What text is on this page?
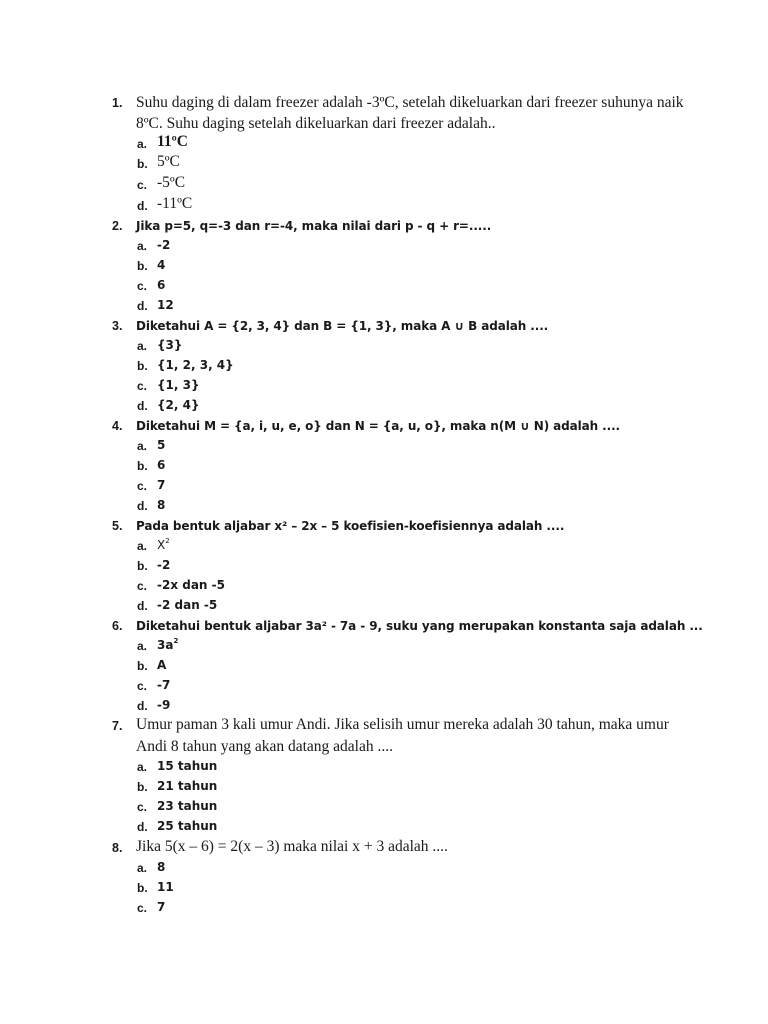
1. Suhu daging di dalam freezer adalah -3ºC, setelah dikeluarkan dari freezer suhunya naik
8ºC. Suhu daging setelah dikeluarkan dari freezer adalah..
a. 11ºC
b. 5ºC
c. -5ºC
d. -11ºC
2. Jika p=5, q=-3 dan r=-4, maka nilai dari p - q + r=.....
a. -2
b. 4
c. 6
d. 12
3. Diketahui A = {2, 3, 4} dan B = {1, 3}, maka A ∪ B adalah ....
a. {3}
b. {1, 2, 3, 4}
c. {1, 3}
d. {2, 4}
4. Diketahui M = {a, i, u, e, o} dan N = {a, u, o}, maka n(M ∪ N) adalah ....
a. 5
b. 6
c. 7
d. 8
5. Pada bentuk aljabar x² – 2x – 5 koefisien-koefisiennya adalah ....
a. $X^2$
b. -2
c. -2x dan -5
d. -2 dan -5
6. Diketahui bentuk aljabar 3a² - 7a - 9, suku yang merupakan konstanta saja adalah ...
a. $3a^2$
b. A
c. -7
d. -9
7. Umur paman 3 kali umur Andi. Jika selisih umur mereka adalah 30 tahun, maka umur
Andi 8 tahun yang akan datang adalah ....
a. 15 tahun
b. 21 tahun
c. 23 tahun
d. 25 tahun
8. Jika 5(x – 6) = 2(x – 3) maka nilai x + 3 adalah ....
a. 8
b. 11
c. 7
